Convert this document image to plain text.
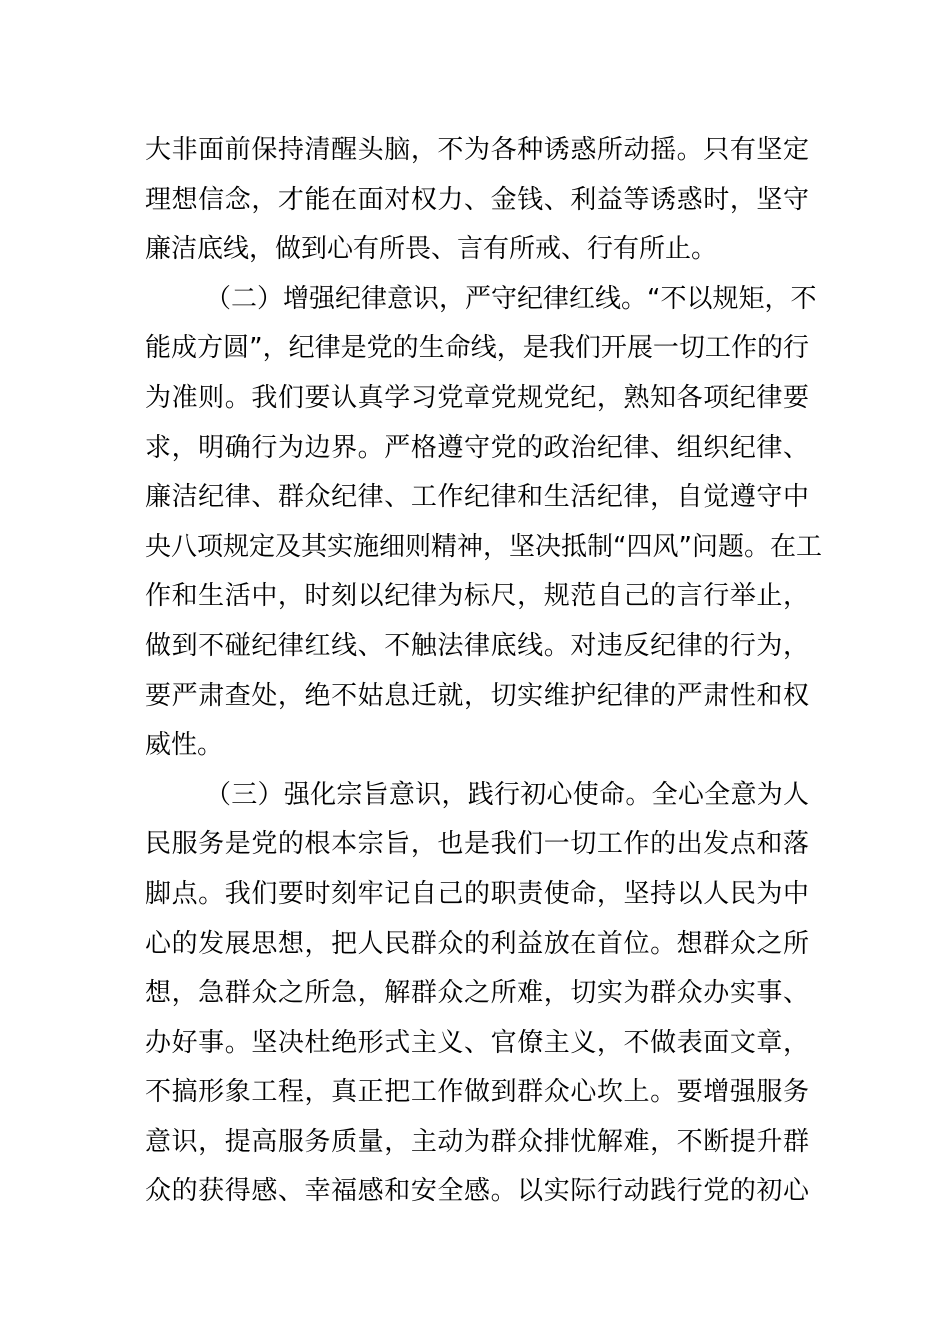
大非面前保持清醒头脑，不为各种诱惑所动摇。只有坚定
理想信念，才能在面对权力、金钱、利益等诱惑时，坚守
廉洁底线，做到心有所畏、言有所戒、行有所止。
（二）增强纪律意识，严守纪律红线。“不以规矩，不
能成方圆”，纪律是党的生命线，是我们开展一切工作的行
为准则。我们要认真学习党章党规党纪，熟知各项纪律要
求，明确行为边界。严格遵守党的政治纪律、组织纪律、
廉洁纪律、群众纪律、工作纪律和生活纪律，自觉遵守中
央八项规定及其实施细则精神，坚决抵制“四风”问题。在工
作和生活中，时刻以纪律为标尺，规范自己的言行举止，
做到不碰纪律红线、不触法律底线。对违反纪律的行为，
要严肃查处，绝不姑息迁就，切实维护纪律的严肃性和权
威性。
（三）强化宗旨意识，践行初心使命。全心全意为人
民服务是党的根本宗旨，也是我们一切工作的出发点和落
脚点。我们要时刻牢记自己的职责使命，坚持以人民为中
心的发展思想，把人民群众的利益放在首位。想群众之所
想，急群众之所急，解群众之所难，切实为群众办实事、
办好事。坚决杜绝形式主义、官僚主义，不做表面文章，
不搞形象工程，真正把工作做到群众心坎上。要增强服务
意识，提高服务质量，主动为群众排忧解难，不断提升群
众的获得感、幸福感和安全感。以实际行动践行党的初心
